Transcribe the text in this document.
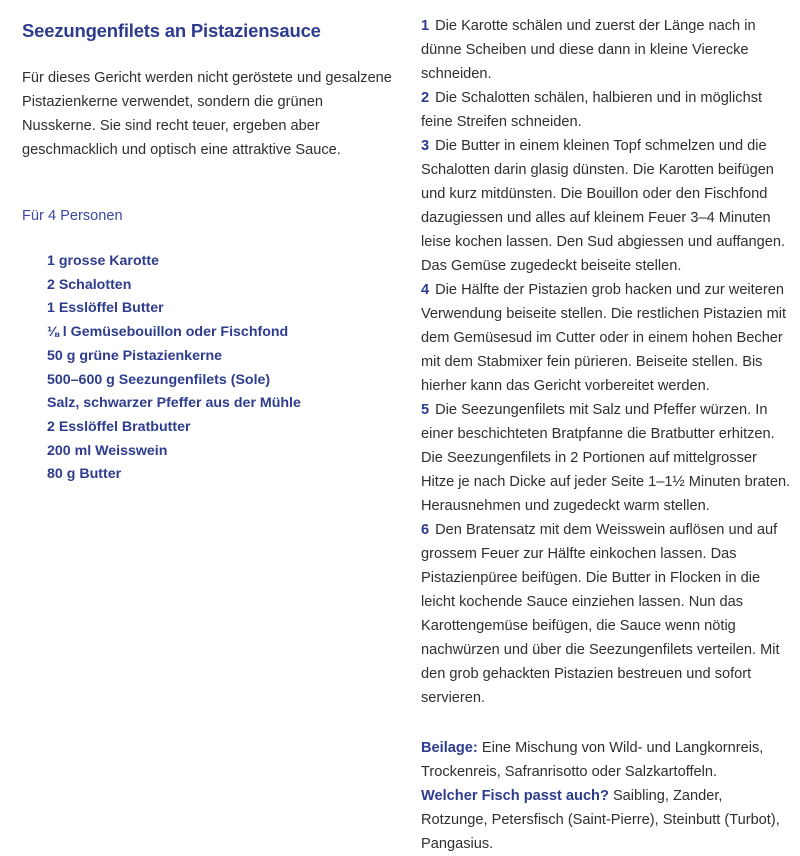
Seezungenfilets an Pistaziensauce

Für dieses Gericht werden nicht geröstete und gesalzene Pistazienkerne verwendet, sondern die grünen Nusskerne. Sie sind recht teuer, ergeben aber geschmacklich und optisch eine attraktive Sauce.

Für 4 Personen

1 grosse Karotte
2 Schalotten
1 Esslöffel Butter
⅛ l Gemüsebouillon oder Fischfond
50 g grüne Pistazienkerne
500–600 g Seezungenfilets (Sole)
Salz, schwarzer Pfeffer aus der Mühle
2 Esslöffel Bratbutter
200 ml Weisswein
80 g Butter

1 Die Karotte schälen und zuerst der Länge nach in dünne Scheiben und diese dann in kleine Vierecke schneiden.

2 Die Schalotten schälen, halbieren und in möglichst feine Streifen schneiden.

3 Die Butter in einem kleinen Topf schmelzen und die Schalotten darin glasig dünsten. Die Karotten beifügen und kurz mitdünsten. Die Bouillon oder den Fischfond dazugiessen und alles auf kleinem Feuer 3–4 Minuten leise kochen lassen. Den Sud abgiessen und auffangen. Das Gemüse zugedeckt beiseite stellen.

4 Die Hälfte der Pistazien grob hacken und zur weiteren Verwendung beiseite stellen. Die restlichen Pistazien mit dem Gemüsesud im Cutter oder in einem hohen Becher mit dem Stabmixer fein pürieren. Beiseite stellen. Bis hierher kann das Gericht vorbereitet werden.

5 Die Seezungenfilets mit Salz und Pfeffer würzen. In einer beschichteten Bratpfanne die Bratbutter erhitzen. Die Seezungenfilets in 2 Portionen auf mittelgrosser Hitze je nach Dicke auf jeder Seite 1–1½ Minuten braten. Herausnehmen und zugedeckt warm stellen.

6 Den Bratensatz mit dem Weisswein auflösen und auf grossem Feuer zur Hälfte einkochen lassen. Das Pistazienpüree beifügen. Die Butter in Flocken in die leicht kochende Sauce einziehen lassen. Nun das Karottengemüse beifügen, die Sauce wenn nötig nachwürzen und über die Seezungenfilets verteilen. Mit den grob gehackten Pistazien bestreuen und sofort servieren.

Beilage: Eine Mischung von Wild- und Langkornreis, Trockenreis, Safranrisotto oder Salzkartoffeln.

Welcher Fisch passt auch? Saibling, Zander, Rotzunge, Petersfisch (Saint-Pierre), Steinbutt (Turbot), Pangasius.
